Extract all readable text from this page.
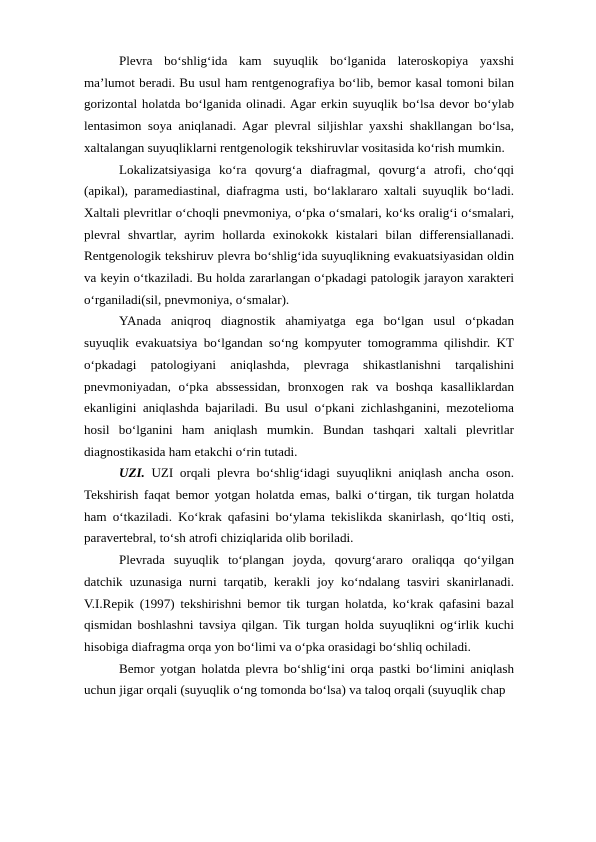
Plevra bo‘shlig‘ida kam suyuqlik bo‘lganida lateroskopiya yaxshi ma’lumot beradi. Bu usul ham rentgenografiya bo‘lib, bemor kasal tomoni bilan gorizontal holatda bo‘lganida olinadi. Agar erkin suyuqlik bo‘lsa devor bo‘ylab lentasimon soya aniqlanadi. Agar plevral siljishlar yaxshi shakllangan bo‘lsa, xaltalangan suyuqliklarni rentgenologik tekshiruvlar vositasida ko‘rish mumkin.

Lokalizatsiyasiga ko‘ra qovurg‘a diafragmal, qovurg‘a atrofi, cho‘qqi (apikal), paramediastinal, diafragma usti, bo‘laklararo xaltali suyuqlik bo‘ladi. Xaltali plevritlar o‘choqli pnevmoniya, o‘pka o‘smalari, ko‘ks oralig‘i o‘smalari, plevral shvartlar, ayrim hollarda exinokokk kistalari bilan differensiallanadi. Rentgenologik tekshiruv plevra bo‘shlig‘ida suyuqlikning evakuatsiyasidan oldin va keyin o‘tkaziladi. Bu holda zararlangan o‘pkadagi patologik jarayon xarakteri o‘rganiladi(sil, pnevmoniya, o‘smalar).

YAnada aniqroq diagnostik ahamiyatga ega bo‘lgan usul o‘pkadan suyuqlik evakuatsiya bo‘lgandan so‘ng kompyuter tomogramma qilishdir. KT o‘pkadagi patologiyani aniqlashda, plevraga shikastlanishni tarqalishini pnevmoniyadan, o‘pka abssessidan, bronxogen rak va boshqa kasalliklardan ekanligini aniqlashda bajariladi. Bu usul o‘pkani zichlashganini, mezotelioma hosil bo‘lganini ham aniqlash mumkin. Bundan tashqari xaltali plevritlar diagnostikasida ham etakchi o‘rin tutadi.

UZI. UZI orqali plevra bo‘shlig‘idagi suyuqlikni aniqlash ancha oson. Tekshirish faqat bemor yotgan holatda emas, balki o‘tirgan, tik turgan holatda ham o‘tkaziladi. Ko‘krak qafasini bo‘ylama tekislikda skanirlash, qo‘ltiq osti, paravertebral, to‘sh atrofi chiziqlarida olib boriladi.

Plevrada suyuqlik to‘plangan joyda, qovurg‘ararо oraliqqa qo‘yilgan datchik uzunasiga nurni tarqatib, kerakli joy ko‘ndalang tasviri skanirlanadi. V.I.Repik (1997) tekshirishni bemor tik turgan holatda, ko‘krak qafasini bazal qismidan boshlashni tavsiya qilgan. Tik turgan holda suyuqlikni og‘irlik kuchi hisobiga diafragma orqa yon bo‘limi va o‘pka orasidagi bo‘shliq ochiladi.

Bemor yotgan holatda plevra bo‘shlig‘ini orqa pastki bo‘limini aniqlash uchun jigar orqali (suyuqlik o‘ng tomonda bo‘lsa) va taloq orqali (suyuqlik chap
